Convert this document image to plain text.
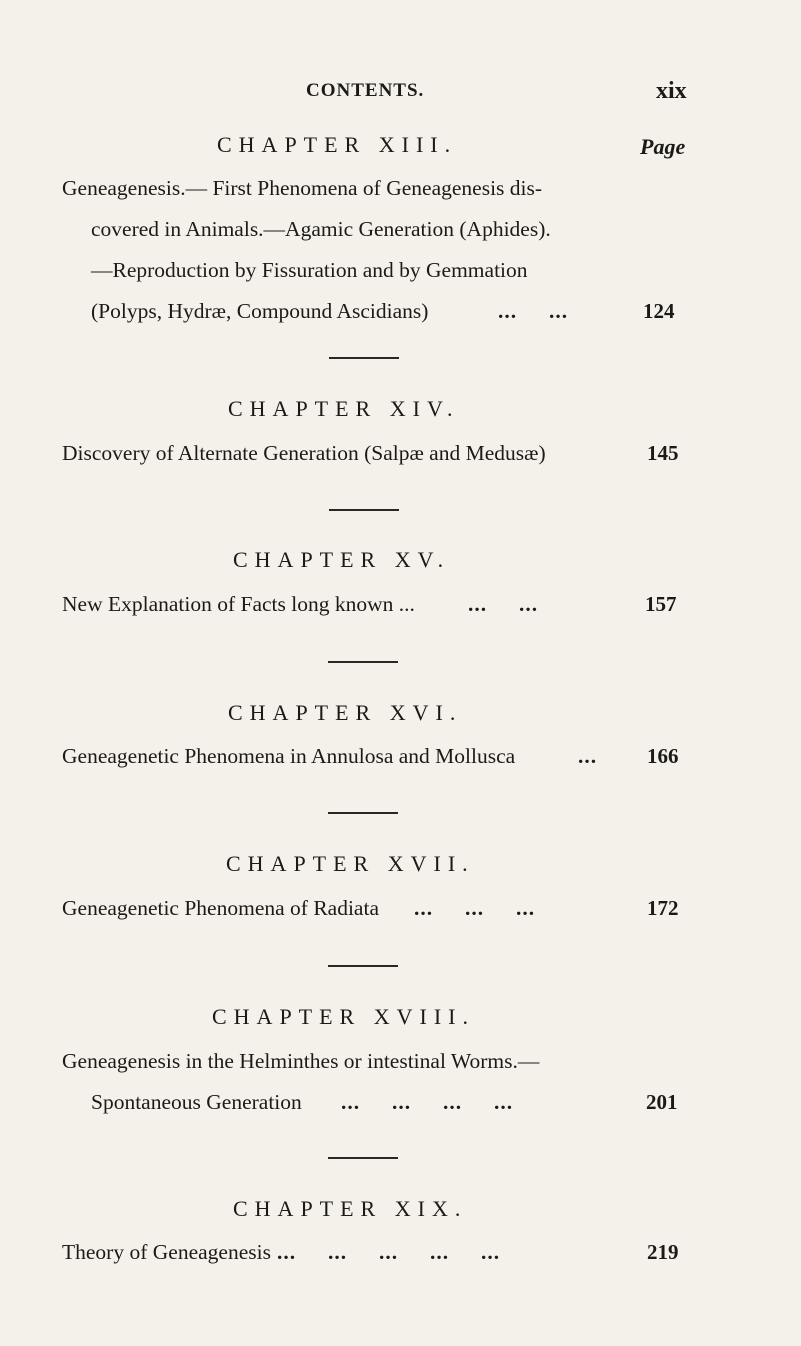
CONTENTS.	xix
CHAPTER XIII.	Page
Geneagenesis.— First Phenomena of Geneagenesis dis-
covered in Animals.—Agamic Generation (Aphides).
—Reproduction by Fissuration and by Gemmation
(Polyps, Hydræ, Compound Ascidians)	...     ...	124
CHAPTER XIV.
Discovery of Alternate Generation (Salpæ and Medusæ)	145
CHAPTER XV.
New Explanation of Facts long known ... ...     ...	157
CHAPTER XVI.
Geneagenetic Phenomena in Annulosa and Mollusca	... 166
CHAPTER XVII.
Geneagenetic Phenomena of Radiata ...     ...     ...	172
CHAPTER XVIII.
Geneagenesis in the Helminthes or intestinal Worms.—
Spontaneous Generation ...     ...     ...     ...	201
CHAPTER XIX.
Theory of Geneagenesis ...     ...     ...     ...     ...	219
